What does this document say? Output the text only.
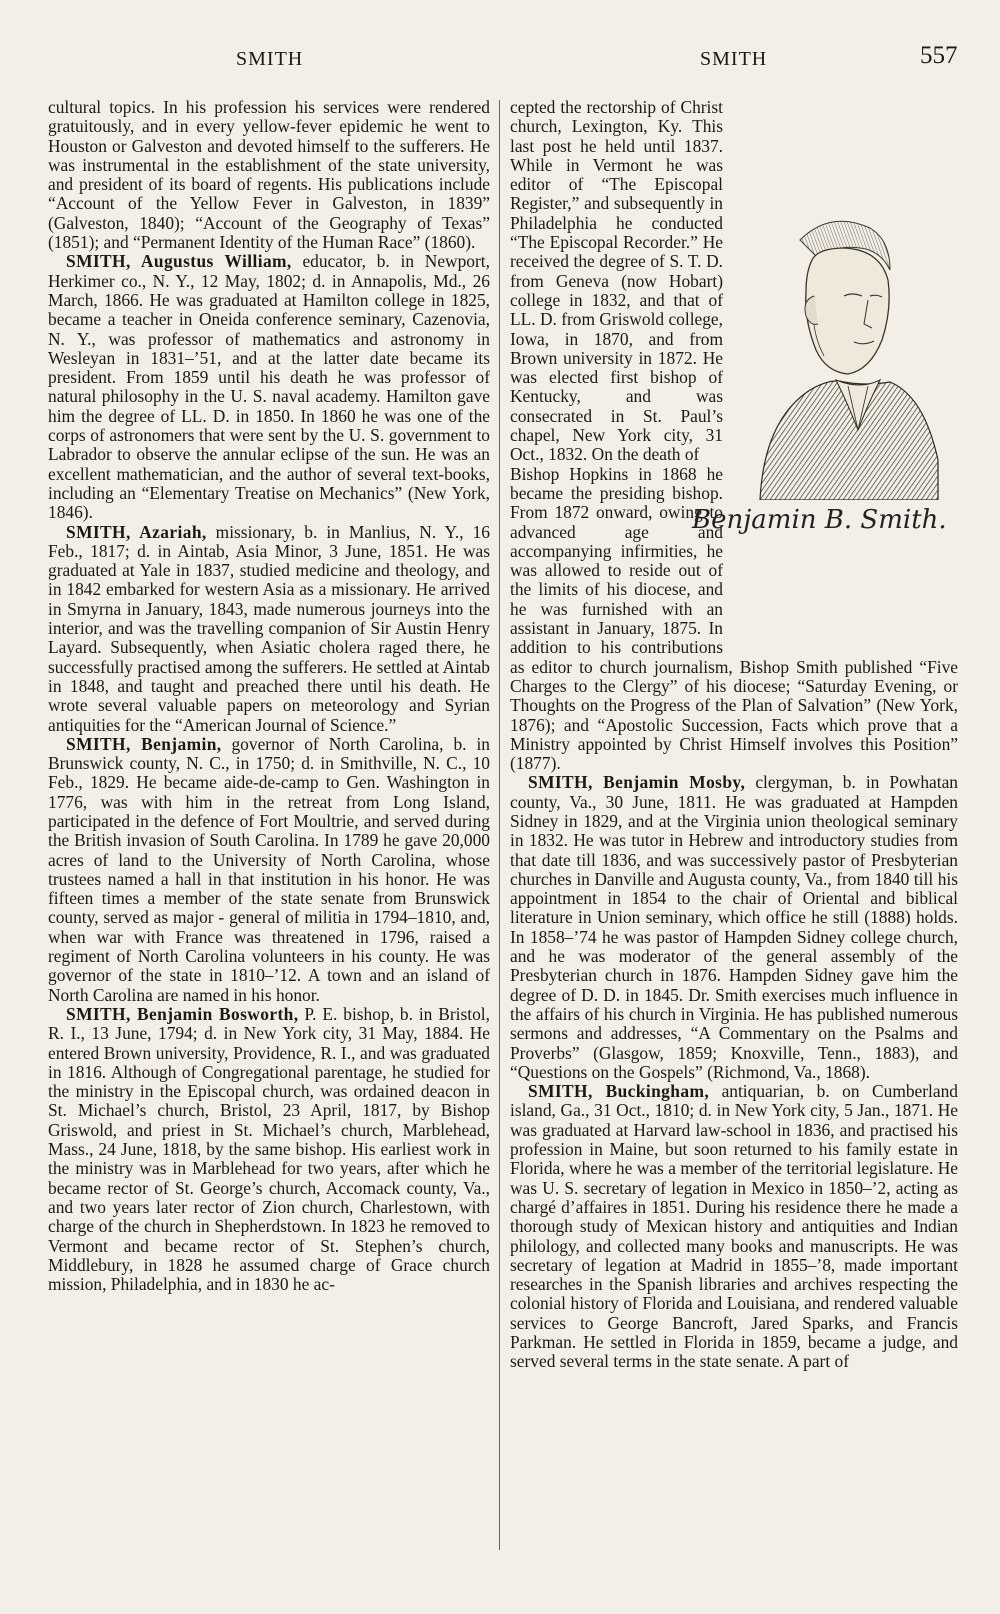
SMITH	SMITH	557

cultural topics. In his profession his services were rendered gratuitously, and in every yellow-fever epidemic he went to Houston or Galveston and devoted himself to the sufferers. He was instrumental in the establishment of the state university, and president of its board of regents. His publications include “Account of the Yellow Fever in Galveston, in 1839” (Galveston, 1840); “Account of the Geography of Texas” (1851); and “Permanent Identity of the Human Race” (1860).

SMITH, Augustus William, educator, b. in Newport, Herkimer co., N. Y., 12 May, 1802; d. in Annapolis, Md., 26 March, 1866. He was graduated at Hamilton college in 1825, became a teacher in Oneida conference seminary, Cazenovia, N. Y., was professor of mathematics and astronomy in Wesleyan in 1831–’51, and at the latter date became its president. From 1859 until his death he was professor of natural philosophy in the U. S. naval academy. Hamilton gave him the degree of LL. D. in 1850. In 1860 he was one of the corps of astronomers that were sent by the U. S. government to Labrador to observe the annular eclipse of the sun. He was an excellent mathematician, and the author of several text-books, including an “Elementary Treatise on Mechanics” (New York, 1846).

SMITH, Azariah, missionary, b. in Manlius, N. Y., 16 Feb., 1817; d. in Aintab, Asia Minor, 3 June, 1851. He was graduated at Yale in 1837, studied medicine and theology, and in 1842 embarked for western Asia as a missionary. He arrived in Smyrna in January, 1843, made numerous journeys into the interior, and was the travelling companion of Sir Austin Henry Layard. Subsequently, when Asiatic cholera raged there, he successfully practised among the sufferers. He settled at Aintab in 1848, and taught and preached there until his death. He wrote several valuable papers on meteorology and Syrian antiquities for the “American Journal of Science.”

SMITH, Benjamin, governor of North Carolina, b. in Brunswick county, N. C., in 1750; d. in Smithville, N. C., 10 Feb., 1829. He became aide-de-camp to Gen. Washington in 1776, was with him in the retreat from Long Island, participated in the defence of Fort Moultrie, and served during the British invasion of South Carolina. In 1789 he gave 20,000 acres of land to the University of North Carolina, whose trustees named a hall in that institution in his honor. He was fifteen times a member of the state senate from Brunswick county, served as major - general of militia in 1794–1810, and, when war with France was threatened in 1796, raised a regiment of North Carolina volunteers in his county. He was governor of the state in 1810–’12. A town and an island of North Carolina are named in his honor.

SMITH, Benjamin Bosworth, P. E. bishop, b. in Bristol, R. I., 13 June, 1794; d. in New York city, 31 May, 1884. He entered Brown university, Providence, R. I., and was graduated in 1816. Although of Congregational parentage, he studied for the ministry in the Episcopal church, was ordained deacon in St. Michael’s church, Bristol, 23 April, 1817, by Bishop Griswold, and priest in St. Michael’s church, Marblehead, Mass., 24 June, 1818, by the same bishop. His earliest work in the ministry was in Marblehead for two years, after which he became rector of St. George’s church, Accomack county, Va., and two years later rector of Zion church, Charlestown, with charge of the church in Shepherdstown. In 1823 he removed to Vermont and became rector of St. Stephen’s church, Middlebury, in 1828 he assumed charge of Grace church mission, Philadelphia, and in 1830 he ac-

cepted the rectorship of Christ church, Lexington, Ky. This last post he held until 1837. While in Vermont he was editor of “The Episcopal Register,” and subsequently in Philadelphia he conducted “The Episcopal Recorder.” He received the degree of S. T. D. from Geneva (now Hobart) college in 1832, and that of LL. D. from Griswold college, Iowa, in 1870, and from Brown university in 1872. He was elected first bishop of Kentucky, and was consecrated in St. Paul’s chapel, New York city, 31 Oct., 1832. On the death of

Bishop Hopkins in 1868 he became the presiding bishop. From 1872 onward, owing to advanced age and accompanying infirmities, he was allowed to reside out of the limits of his diocese, and he was furnished with an assistant in January, 1875. In addition to his contributions as editor to church journalism, Bishop Smith published “Five Charges to the Clergy” of his diocese; “Saturday Evening, or Thoughts on the Progress of the Plan of Salvation” (New York, 1876); and “Apostolic Succession, Facts which prove that a Ministry appointed by Christ Himself involves this Position” (1877).

SMITH, Benjamin Mosby, clergyman, b. in Powhatan county, Va., 30 June, 1811. He was graduated at Hampden Sidney in 1829, and at the Virginia union theological seminary in 1832. He was tutor in Hebrew and introductory studies from that date till 1836, and was successively pastor of Presbyterian churches in Danville and Augusta county, Va., from 1840 till his appointment in 1854 to the chair of Oriental and biblical literature in Union seminary, which office he still (1888) holds. In 1858–’74 he was pastor of Hampden Sidney college church, and he was moderator of the general assembly of the Presbyterian church in 1876. Hampden Sidney gave him the degree of D. D. in 1845. Dr. Smith exercises much influence in the affairs of his church in Virginia. He has published numerous sermons and addresses, “A Commentary on the Psalms and Proverbs” (Glasgow, 1859; Knoxville, Tenn., 1883), and “Questions on the Gospels” (Richmond, Va., 1868).

SMITH, Buckingham, antiquarian, b. on Cumberland island, Ga., 31 Oct., 1810; d. in New York city, 5 Jan., 1871. He was graduated at Harvard law-school in 1836, and practised his profession in Maine, but soon returned to his family estate in Florida, where he was a member of the territorial legislature. He was U. S. secretary of legation in Mexico in 1850–’2, acting as chargé d’affaires in 1851. During his residence there he made a thorough study of Mexican history and antiquities and Indian philology, and collected many books and manuscripts. He was secretary of legation at Madrid in 1855–’8, made important researches in the Spanish libraries and archives respecting the colonial history of Florida and Louisiana, and rendered valuable services to George Bancroft, Jared Sparks, and Francis Parkman. He settled in Florida in 1859, became a judge, and served several terms in the state senate. A part of

Benjamin B. Smith.
